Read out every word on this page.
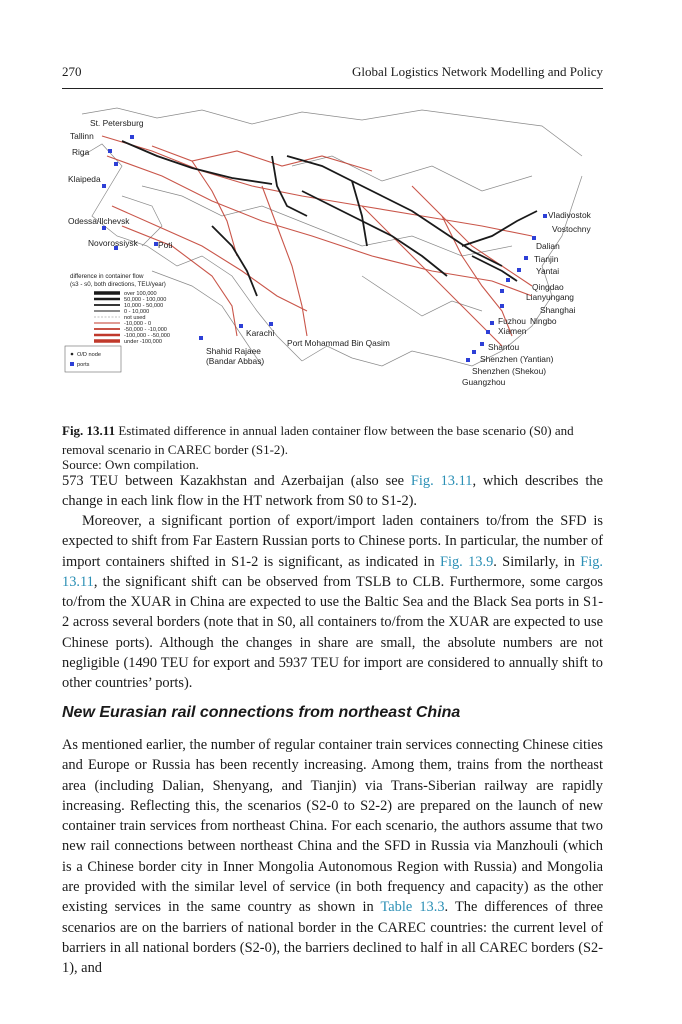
270	Global Logistics Network Modelling and Policy
difference in container flow
(s3 - s0, both directions, TEU/year)
over 100,000
50,000 - 100,000
10,000 - 50,000
0 - 10,000
not used
-10,000 - 0
-50,000 - -10,000
-100,000 - -50,000
under -100,000
O/D node
ports
St. Petersburg
Tallinn
Riga
Klaipeda
Odessa/Ilchevsk
Novorossiysk Poti
Karachi
Port Mohammad Bin Qasim
Shahid Rajaee
(Bandar Abbas)
Vladivostok
Vostochny
Dalian
Tianjin
Yantai
Qingdao
Lianyungang
Shanghai
Fuzhou Ningbo
Xiamen
Shantou
Shenzhen (Yantian)
Shenzhen (Shekou)
Guangzhou
Fig. 13.11 Estimated difference in annual laden container flow between the base scenario (S0) and removal scenario in CAREC border (S1-2).
Source: Own compilation.
573 TEU between Kazakhstan and Azerbaijan (also see Fig. 13.11, which describes the change in each link flow in the HT network from S0 to S1-2).
Moreover, a significant portion of export/import laden containers to/from the SFD is expected to shift from Far Eastern Russian ports to Chinese ports. In particular, the number of import containers shifted in S1-2 is significant, as indicated in Fig. 13.9. Similarly, in Fig. 13.11, the significant shift can be observed from TSLB to CLB. Furthermore, some cargos to/from the XUAR in China are expected to use the Baltic Sea and the Black Sea ports in S1-2 across several borders (note that in S0, all containers to/from the XUAR are expected to use Chinese ports). Although the changes in share are small, the absolute numbers are not negligible (1490 TEU for export and 5937 TEU for import are considered to annually shift to other countries’ ports).
New Eurasian rail connections from northeast China
As mentioned earlier, the number of regular container train services connecting Chinese cities and Europe or Russia has been recently increasing. Among them, trains from the northeast area (including Dalian, Shenyang, and Tianjin) via Trans-Siberian railway are rapidly increasing. Reflecting this, the scenarios (S2-0 to S2-2) are prepared on the launch of new container train services from northeast China. For each scenario, the authors assume that two new rail connections between northeast China and the SFD in Russia via Manzhouli (which is a Chinese border city in Inner Mongolia Autonomous Region with Russia) and Mongolia are provided with the similar level of service (in both frequency and capacity) as the other existing services in the same country as shown in Table 13.3. The differences of three scenarios are on the barriers of national border in the CAREC countries: the current level of barriers in all national borders (S2-0), the barriers declined to half in all CAREC borders (S2-1), and
